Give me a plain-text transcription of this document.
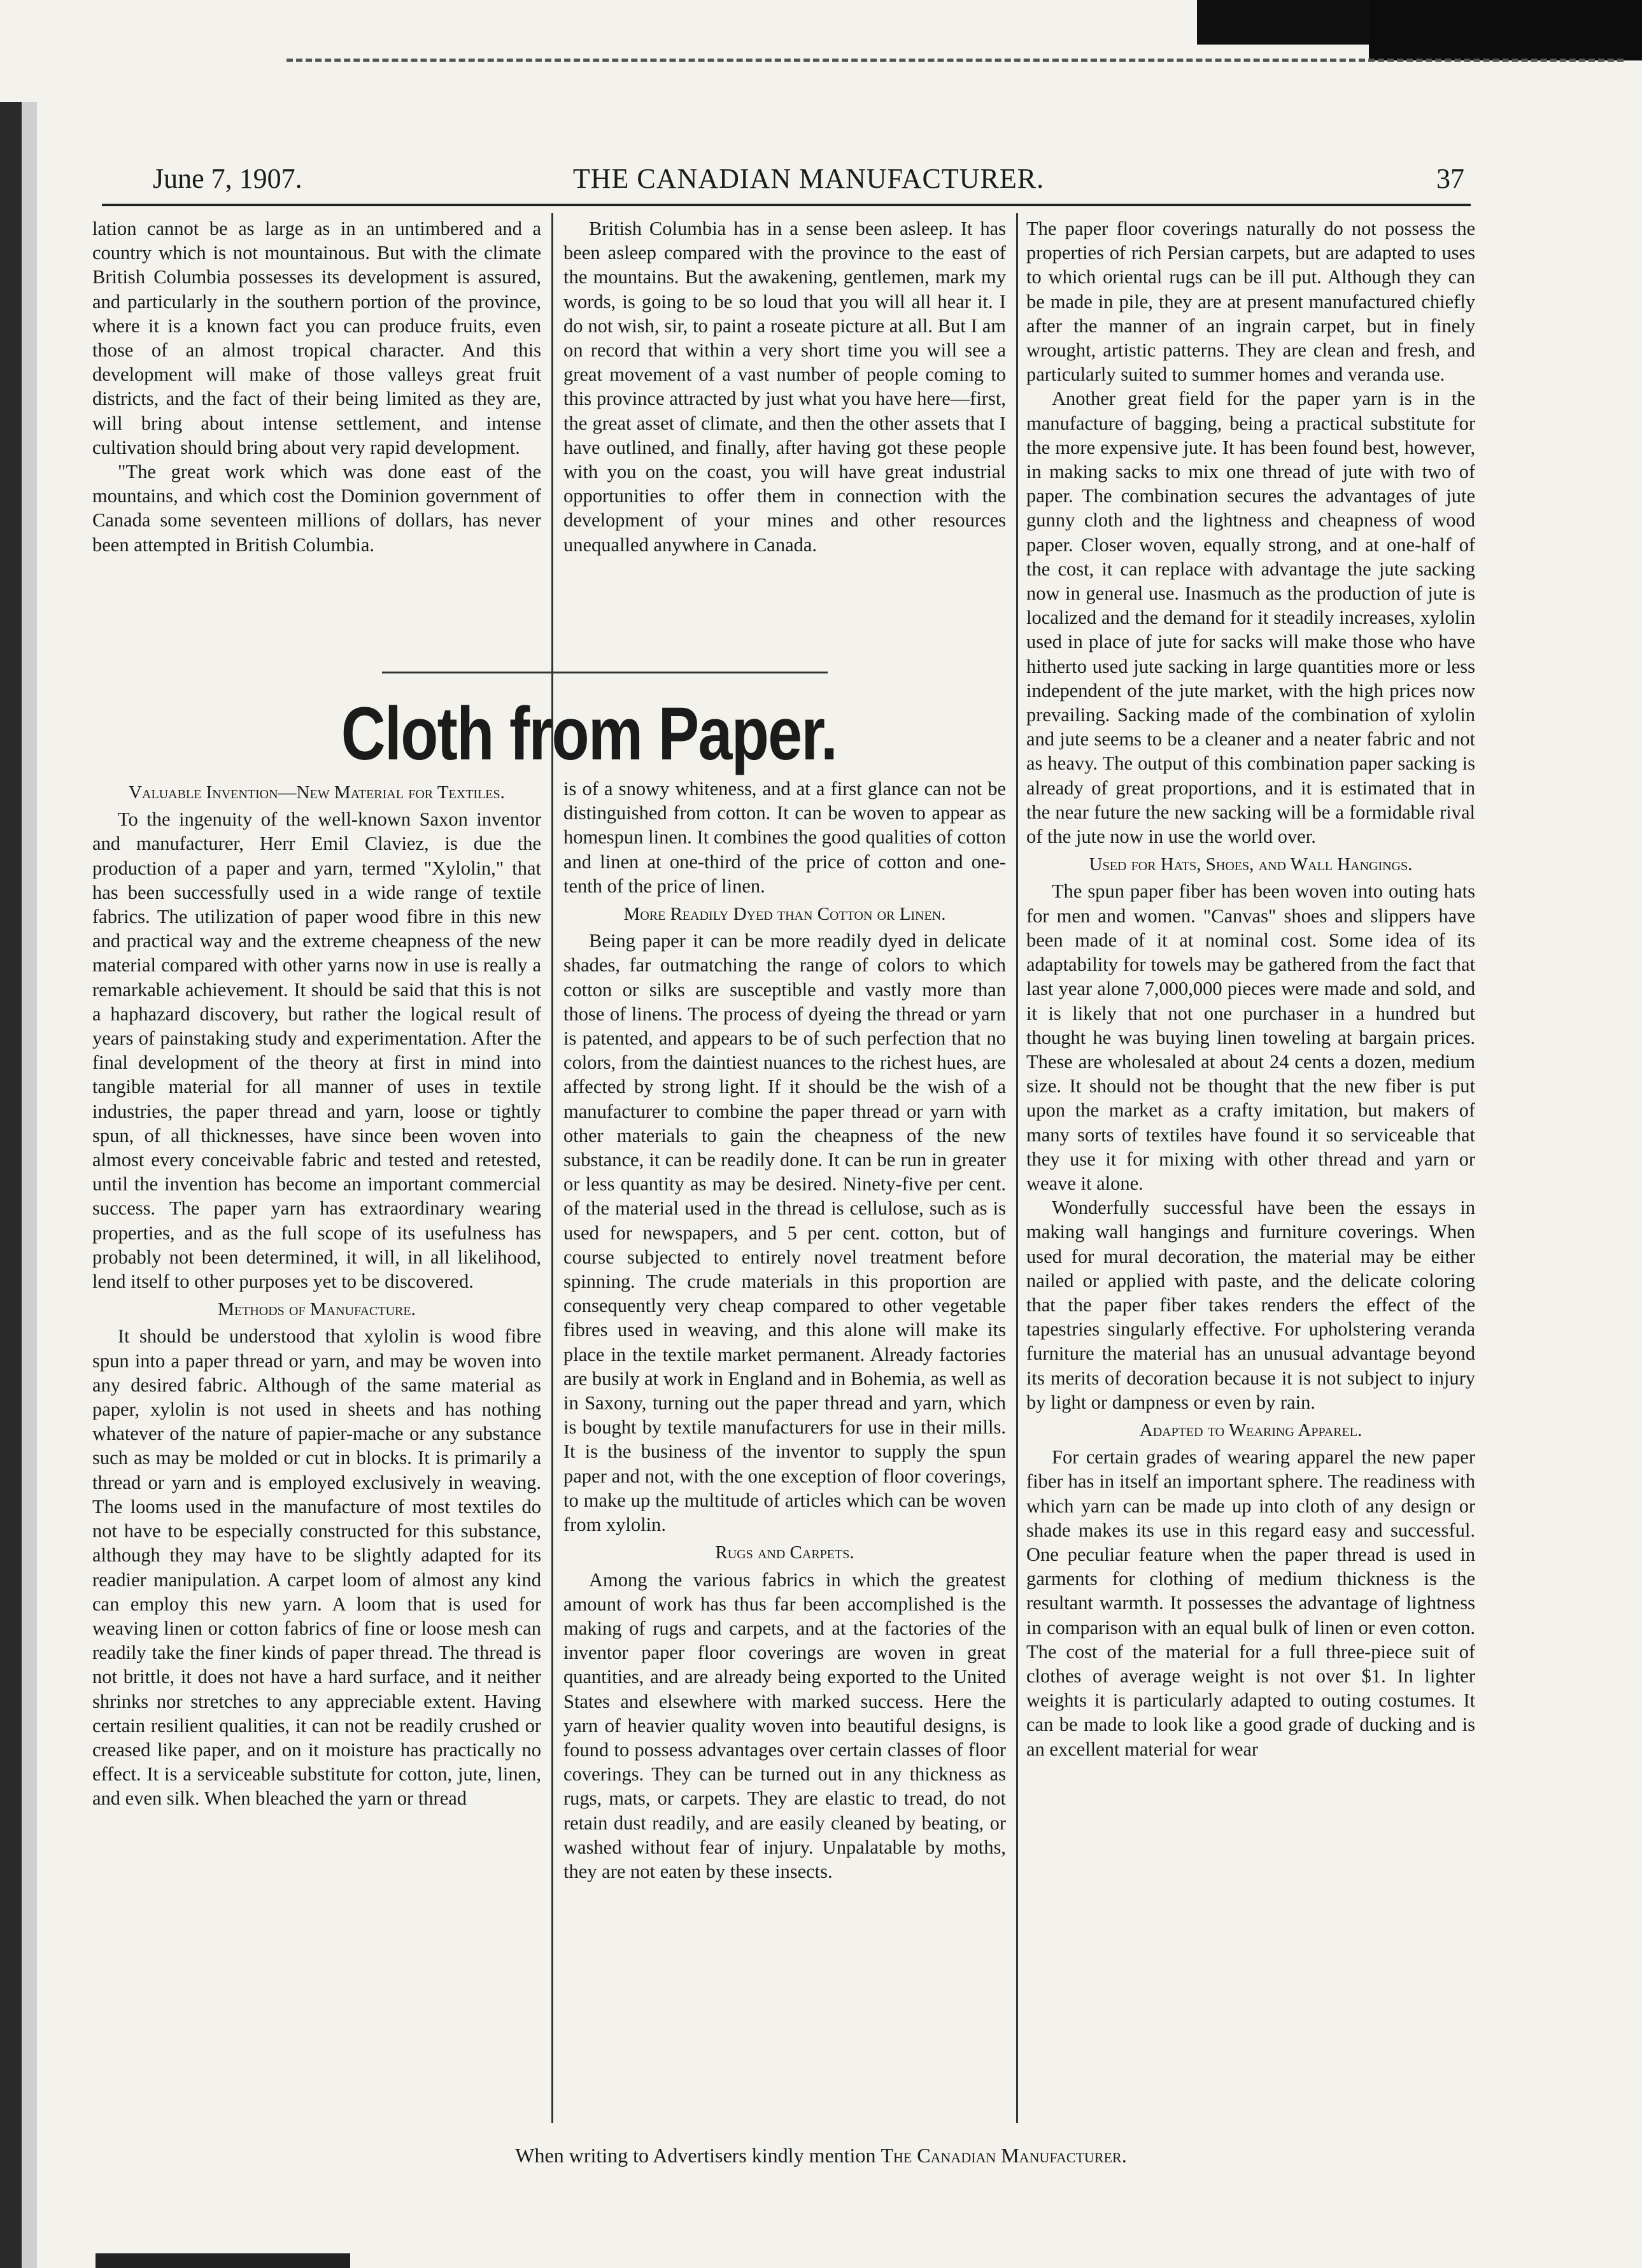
June 7, 1907.	THE CANADIAN MANUFACTURER.	37

lation cannot be as large as in an untimbered and a country which is not mountainous. But with the climate British Columbia possesses its development is assured, and particularly in the southern portion of the province, where it is a known fact you can produce fruits, even those of an almost tropical character. And this development will make of those valleys great fruit districts, and the fact of their being limited as they are, will bring about intense settlement, and intense cultivation should bring about very rapid development.

"The great work which was done east of the mountains, and which cost the Dominion government of Canada some seventeen millions of dollars, has never been attempted in British Columbia.

British Columbia has in a sense been asleep. It has been asleep compared with the province to the east of the mountains. But the awakening, gentlemen, mark my words, is going to be so loud that you will all hear it. I do not wish, sir, to paint a roseate picture at all. But I am on record that within a very short time you will see a great movement of a vast number of people coming to this province attracted by just what you have here—first, the great asset of climate, and then the other assets that I have outlined, and finally, after having got these people with you on the coast, you will have great industrial opportunities to offer them in connection with the development of your mines and other resources unequalled anywhere in Canada.

Cloth from Paper.
Valuable Invention—New Material for Textiles.

To the ingenuity of the well-known Saxon inventor and manufacturer, Herr Emil Claviez, is due the production of a paper and yarn, termed "Xylolin," that has been successfully used in a wide range of textile fabrics. The utilization of paper wood fibre in this new and practical way and the extreme cheapness of the new material compared with other yarns now in use is really a remarkable achievement. It should be said that this is not a haphazard discovery, but rather the logical result of years of painstaking study and experimentation. After the final development of the theory at first in mind into tangible material for all manner of uses in textile industries, the paper thread and yarn, loose or tightly spun, of all thicknesses, have since been woven into almost every conceivable fabric and tested and retested, until the invention has become an important commercial success. The paper yarn has extraordinary wearing properties, and as the full scope of its usefulness has probably not been determined, it will, in all likelihood, lend itself to other purposes yet to be discovered.

Methods of Manufacture.

It should be understood that xylolin is wood fibre spun into a paper thread or yarn, and may be woven into any desired fabric. Although of the same material as paper, xylolin is not used in sheets and has nothing whatever of the nature of papier-mache or any substance such as may be molded or cut in blocks. It is primarily a thread or yarn and is employed exclusively in weaving. The looms used in the manufacture of most textiles do not have to be especially constructed for this substance, although they may have to be slightly adapted for its readier manipulation. A carpet loom of almost any kind can employ this new yarn. A loom that is used for weaving linen or cotton fabrics of fine or loose mesh can readily take the finer kinds of paper thread. The thread is not brittle, it does not have a hard surface, and it neither shrinks nor stretches to any appreciable extent. Having certain resilient qualities, it can not be readily crushed or creased like paper, and on it moisture has practically no effect. It is a serviceable substitute for cotton, jute, linen, and even silk. When bleached the yarn or thread

is of a snowy whiteness, and at a first glance can not be distinguished from cotton. It can be woven to appear as homespun linen. It combines the good qualities of cotton and linen at one-third of the price of cotton and one-tenth of the price of linen.

More Readily Dyed than Cotton or Linen.

Being paper it can be more readily dyed in delicate shades, far outmatching the range of colors to which cotton or silks are susceptible and vastly more than those of linens. The process of dyeing the thread or yarn is patented, and appears to be of such perfection that no colors, from the daintiest nuances to the richest hues, are affected by strong light. If it should be the wish of a manufacturer to combine the paper thread or yarn with other materials to gain the cheapness of the new substance, it can be readily done. It can be run in greater or less quantity as may be desired. Ninety-five per cent. of the material used in the thread is cellulose, such as is used for newspapers, and 5 per cent. cotton, but of course subjected to entirely novel treatment before spinning. The crude materials in this proportion are consequently very cheap compared to other vegetable fibres used in weaving, and this alone will make its place in the textile market permanent. Already factories are busily at work in England and in Bohemia, as well as in Saxony, turning out the paper thread and yarn, which is bought by textile manufacturers for use in their mills. It is the business of the inventor to supply the spun paper and not, with the one exception of floor coverings, to make up the multitude of articles which can be woven from xylolin.

Rugs and Carpets.

Among the various fabrics in which the greatest amount of work has thus far been accomplished is the making of rugs and carpets, and at the factories of the inventor paper floor coverings are woven in great quantities, and are already being exported to the United States and elsewhere with marked success. Here the yarn of heavier quality woven into beautiful designs, is found to possess advantages over certain classes of floor coverings. They can be turned out in any thickness as rugs, mats, or carpets. They are elastic to tread, do not retain dust readily, and are easily cleaned by beating, or washed without fear of injury. Unpalatable by moths, they are not eaten by these insects.

The paper floor coverings naturally do not possess the properties of rich Persian carpets, but are adapted to uses to which oriental rugs can be ill put. Although they can be made in pile, they are at present manufactured chiefly after the manner of an ingrain carpet, but in finely wrought, artistic patterns. They are clean and fresh, and particularly suited to summer homes and veranda use.

Another great field for the paper yarn is in the manufacture of bagging, being a practical substitute for the more expensive jute. It has been found best, however, in making sacks to mix one thread of jute with two of paper. The combination secures the advantages of jute gunny cloth and the lightness and cheapness of wood paper. Closer woven, equally strong, and at one-half of the cost, it can replace with advantage the jute sacking now in general use. Inasmuch as the production of jute is localized and the demand for it steadily increases, xylolin used in place of jute for sacks will make those who have hitherto used jute sacking in large quantities more or less independent of the jute market, with the high prices now prevailing. Sacking made of the combination of xylolin and jute seems to be a cleaner and a neater fabric and not as heavy. The output of this combination paper sacking is already of great proportions, and it is estimated that in the near future the new sacking will be a formidable rival of the jute now in use the world over.

Used for Hats, Shoes, and Wall Hangings.

The spun paper fiber has been woven into outing hats for men and women. "Canvas" shoes and slippers have been made of it at nominal cost. Some idea of its adaptability for towels may be gathered from the fact that last year alone 7,000,000 pieces were made and sold, and it is likely that not one purchaser in a hundred but thought he was buying linen toweling at bargain prices. These are wholesaled at about 24 cents a dozen, medium size. It should not be thought that the new fiber is put upon the market as a crafty imitation, but makers of many sorts of textiles have found it so serviceable that they use it for mixing with other thread and yarn or weave it alone.

Wonderfully successful have been the essays in making wall hangings and furniture coverings. When used for mural decoration, the material may be either nailed or applied with paste, and the delicate coloring that the paper fiber takes renders the effect of the tapestries singularly effective. For upholstering veranda furniture the material has an unusual advantage beyond its merits of decoration because it is not subject to injury by light or dampness or even by rain.

Adapted to Wearing Apparel.

For certain grades of wearing apparel the new paper fiber has in itself an important sphere. The readiness with which yarn can be made up into cloth of any design or shade makes its use in this regard easy and successful. One peculiar feature when the paper thread is used in garments for clothing of medium thickness is the resultant warmth. It possesses the advantage of lightness in comparison with an equal bulk of linen or even cotton. The cost of the material for a full three-piece suit of clothes of average weight is not over $1. In lighter weights it is particularly adapted to outing costumes. It can be made to look like a good grade of ducking and is an excellent material for wear

When writing to Advertisers kindly mention The Canadian Manufacturer.
